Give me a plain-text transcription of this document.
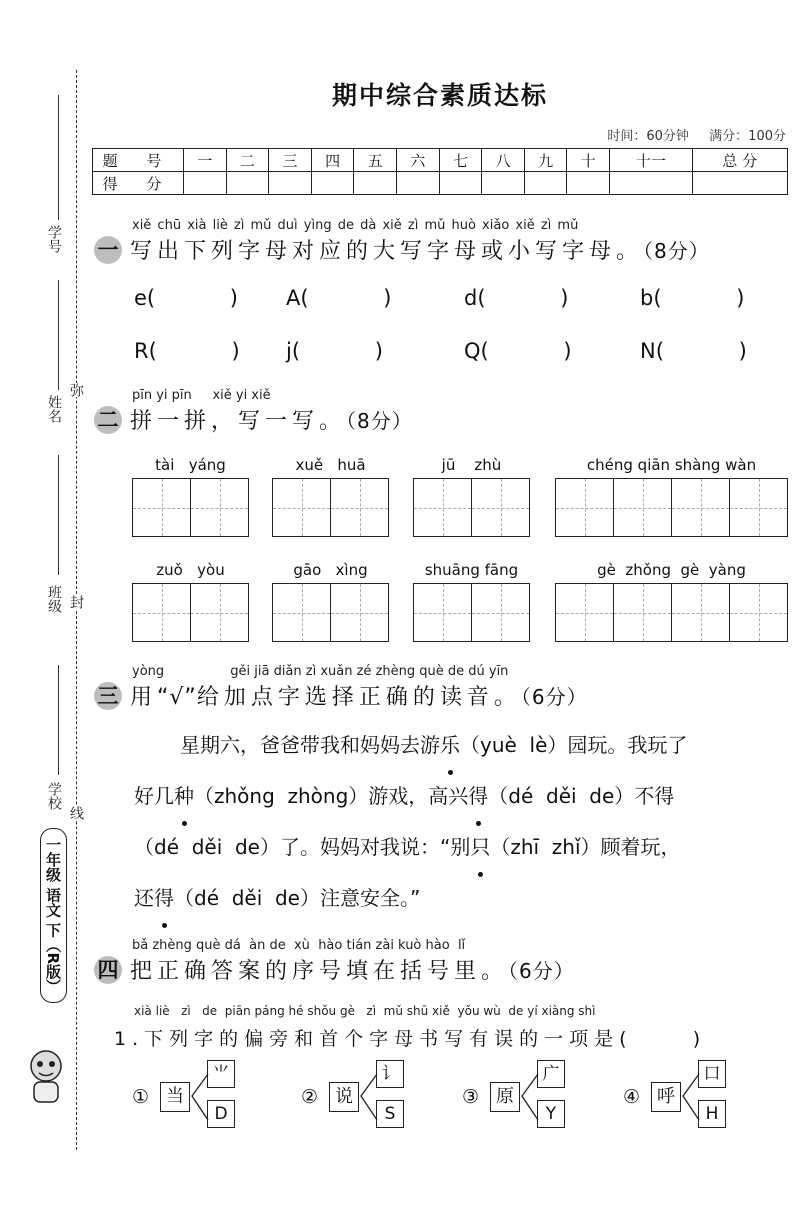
学号
姓名
班级
学校
弥
封
线
一年级 语文 下（R版）
期中综合素质达标
时间：60分钟 满分：100分
题 号	一	二	三	四	五	六	七	八	九	十	十一	总 分
得 分												
xiě chū xià liè zì mǔ duì yìng de dà xiě zì mǔ huò xiǎo xiě zì mǔ
一 写出下列字母对应的大写字母或小写字母。（8分）
e( ) A( ) d( ) b( )
R( ) j( ) Q( ) N( )
pīn yi pīn     xiě yi xiě
二 拼一拼，写一写。（8分）
tài   yáng	xuě   huā	jū    zhù	chéng qiān shàng wàn
zuǒ   yòu	gāo   xìng	shuāng fāng	gè  zhǒng  gè  yàng
yòng                gěi jiā diǎn zì xuǎn zé zhèng què de dú yīn
三 用“√”给加点字选择正确的读音。（6分）
星期六，爸爸带我和妈妈去游乐（yuè  lè）园玩。我玩了
好几种（zhǒng  zhòng）游戏，高兴得（dé  děi  de）不得
（dé  děi  de）了。妈妈对我说：“别只（zhī  zhǐ）顾着玩，
还得（dé  děi  de）注意安全。”
bǎ zhèng què dá  àn de  xù  hào tián zài kuò hào  lǐ
四 把正确答案的序号填在括号里。（6分）
xià liè   zì   de  piān páng hé shǒu gè   zì  mǔ shū xiě  yǒu wù  de yí xiàng shì
1.下列字的偏旁和首个字母书写有误的一项是(     )
① 当
⺌
D
② 说
讠
S
③ 原
广
Y
④ 呼
口
H
